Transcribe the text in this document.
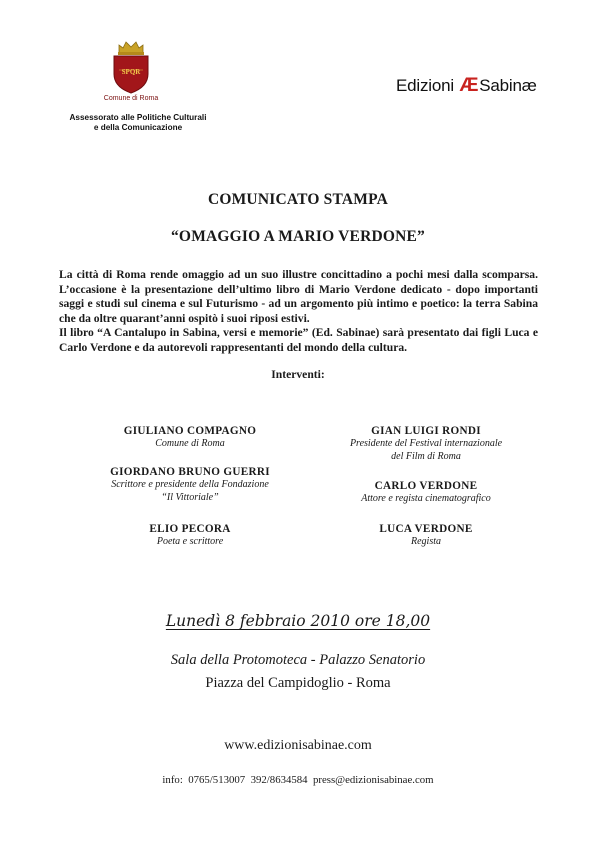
SPQR
Comune di Roma
Assessorato alle Politiche Culturali
e della Comunicazione
Edizioni ÆSabinæ
COMUNICATO STAMPA
“OMAGGIO A MARIO VERDONE”

La città di Roma rende omaggio ad un suo illustre concittadino a pochi mesi dalla scomparsa. L’occasione è la presentazione dell’ultimo libro di Mario Verdone dedicato - dopo importanti saggi e studi sul cinema e sul Futurismo - ad un argomento più intimo e poetico: la terra Sabina che da oltre quarant’anni ospitò i suoi riposi estivi.

Il libro “A Cantalupo in Sabina, versi e memorie” (Ed. Sabinae) sarà presentato dai figli Luca e Carlo Verdone e da autorevoli rappresentanti del mondo della cultura.

Interventi:
GIULIANO COMPAGNO
Comune di Roma
GIORDANO BRUNO GUERRI
Scrittore e presidente della Fondazione
“Il Vittoriale”
ELIO PECORA
Poeta e scrittore
GIAN LUIGI RONDI
Presidente del Festival internazionale
del Film di Roma
CARLO VERDONE
Attore e regista cinematografico
LUCA VERDONE
Regista
Lunedì 8 febbraio 2010 ore 18,00
Sala della Protomoteca - Palazzo Senatorio
Piazza del Campidoglio - Roma
www.edizionisabinae.com
info:  0765/513007  392/8634584  press@edizionisabinae.com
